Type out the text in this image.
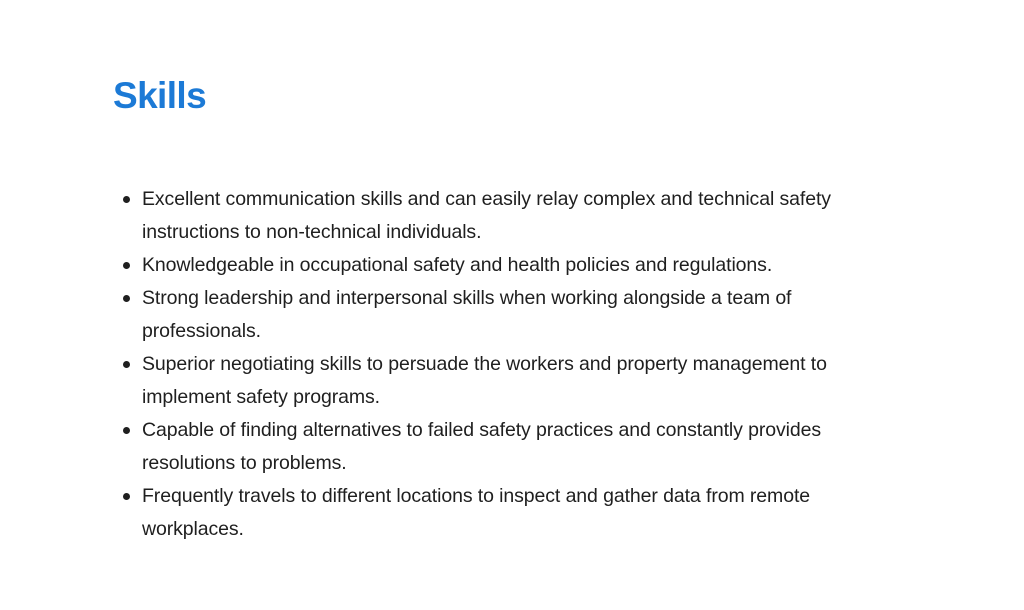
Skills
Excellent communication skills and can easily relay complex and technical safety instructions to non-technical individuals.
Knowledgeable in occupational safety and health policies and regulations.
Strong leadership and interpersonal skills when working alongside a team of professionals.
Superior negotiating skills to persuade the workers and property management to implement safety programs.
Capable of finding alternatives to failed safety practices and constantly provides resolutions to problems.
Frequently travels to different locations to inspect and gather data from remote workplaces.
